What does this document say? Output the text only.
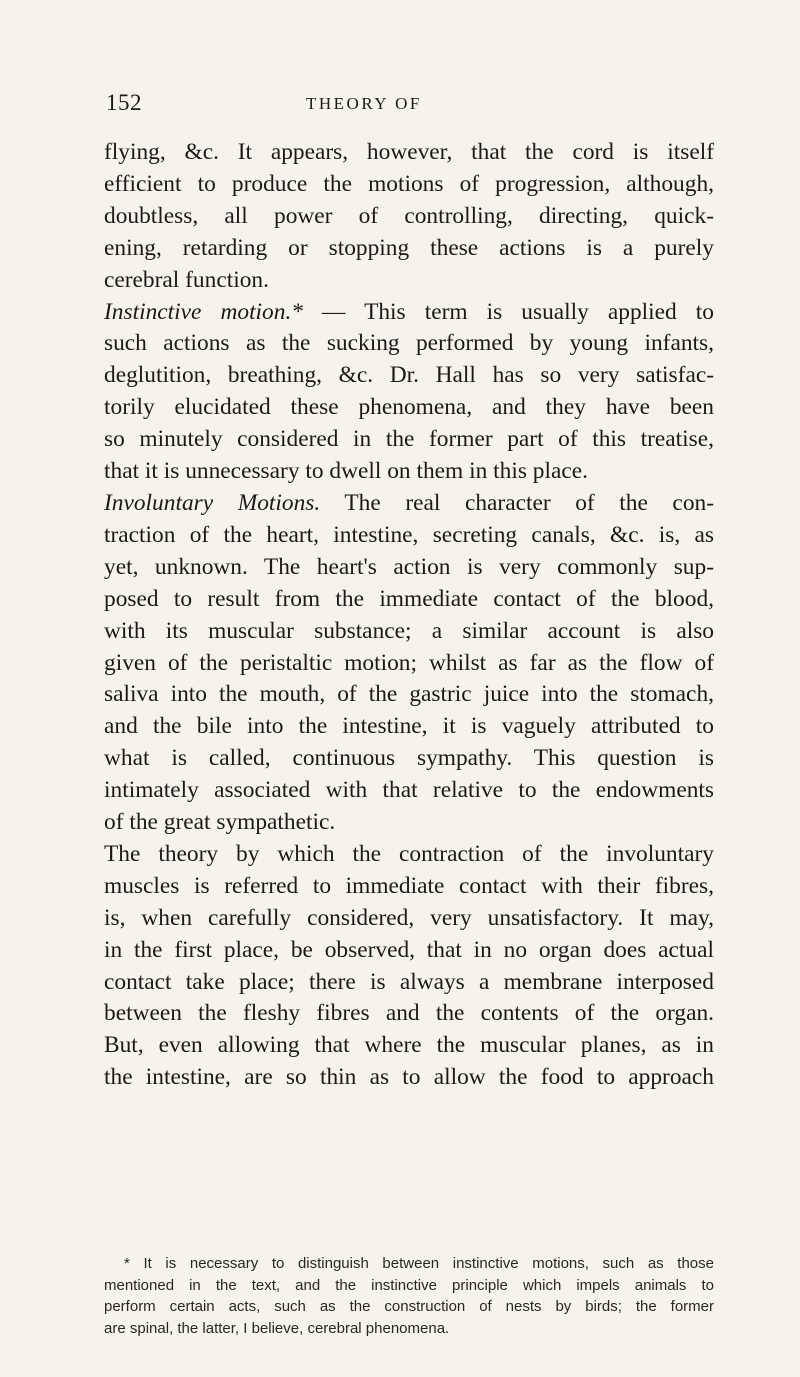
152	THEORY OF
flying, &c. It appears, however, that the cord is itself
efficient to produce the motions of progression, although,
doubtless, all power of controlling, directing, quick-
ening, retarding or stopping these actions is a purely
cerebral function.
Instinctive motion.* — This term is usually applied to
such actions as the sucking performed by young infants,
deglutition, breathing, &c. Dr. Hall has so very satisfac-
torily elucidated these phenomena, and they have been
so minutely considered in the former part of this treatise,
that it is unnecessary to dwell on them in this place.
Involuntary Motions. The real character of the con-
traction of the heart, intestine, secreting canals, &c. is, as
yet, unknown. The heart's action is very commonly sup-
posed to result from the immediate contact of the blood,
with its muscular substance; a similar account is also
given of the peristaltic motion; whilst as far as the flow of
saliva into the mouth, of the gastric juice into the stomach,
and the bile into the intestine, it is vaguely attributed to
what is called, continuous sympathy. This question is
intimately associated with that relative to the endowments
of the great sympathetic.
The theory by which the contraction of the involuntary
muscles is referred to immediate contact with their fibres,
is, when carefully considered, very unsatisfactory. It may,
in the first place, be observed, that in no organ does actual
contact take place; there is always a membrane interposed
between the fleshy fibres and the contents of the organ.
But, even allowing that where the muscular planes, as in
the intestine, are so thin as to allow the food to approach
* It is necessary to distinguish between instinctive motions, such as those
mentioned in the text, and the instinctive principle which impels animals to
perform certain acts, such as the construction of nests by birds; the former
are spinal, the latter, I believe, cerebral phenomena.
